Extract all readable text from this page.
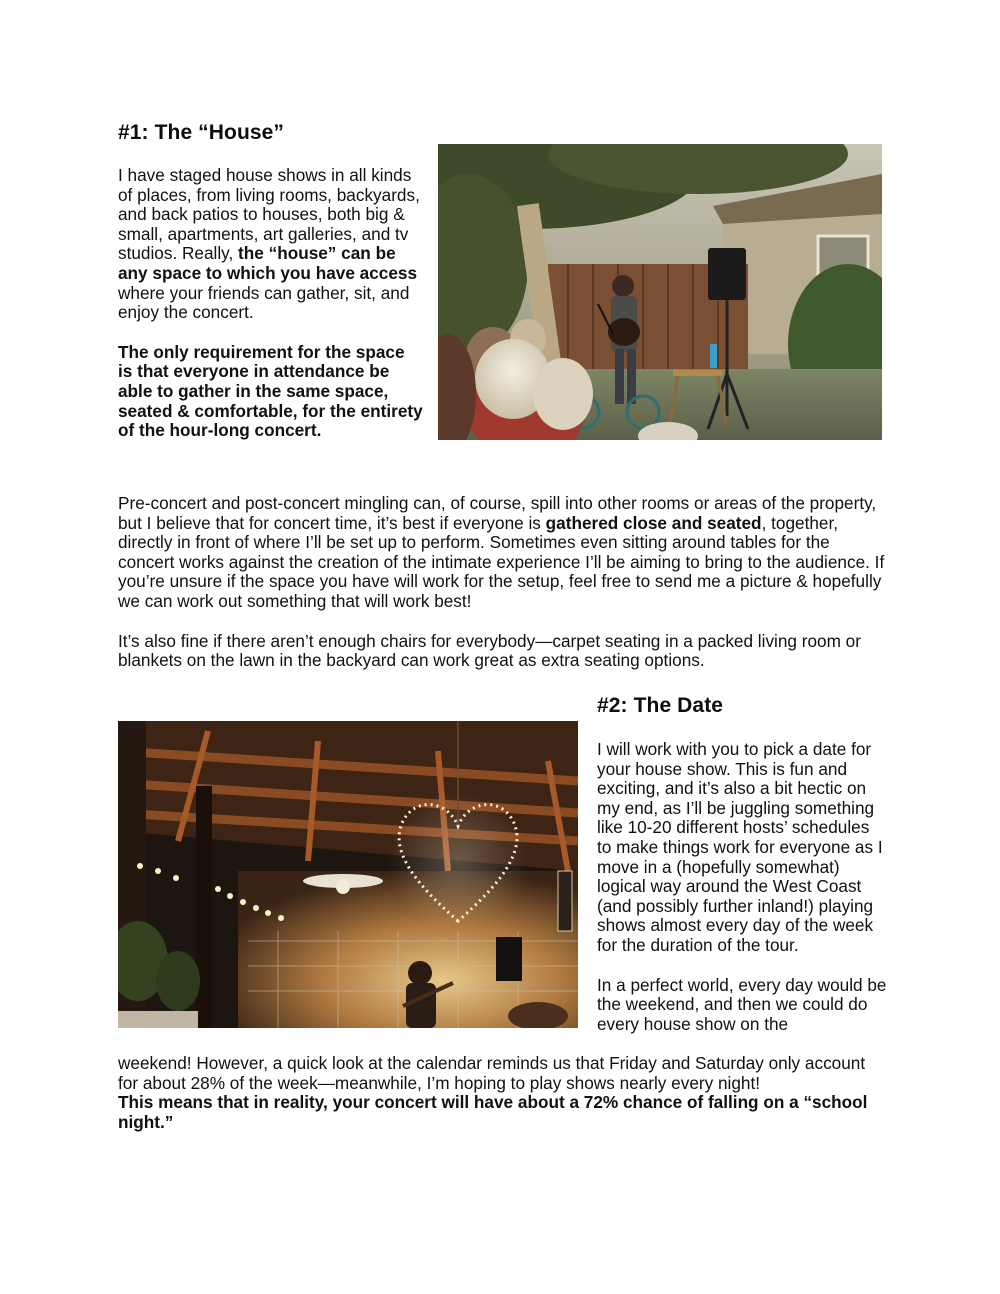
#1: The “House”

I have staged house shows in all kinds of places, from living rooms, backyards, and back patios to houses, both big & small, apartments, art galleries, and tv studios. Really, the “house” can be any space to which you have access where your friends can gather, sit, and enjoy the concert.

The only requirement for the space is that everyone in attendance be able to gather in the same space, seated & comfortable, for the entirety of the hour-long concert.

Pre-concert and post-concert mingling can, of course, spill into other rooms or areas of the property, but I believe that for concert time, it’s best if everyone is gathered close and seated, together, directly in front of where I’ll be set up to perform. Sometimes even sitting around tables for the concert works against the creation of the intimate experience I’ll be aiming to bring to the audience. If you’re unsure if the space you have will work for the setup, feel free to send me a picture & hopefully we can work out something that will work best!

It’s also fine if there aren’t enough chairs for everybody—carpet seating in a packed living room or blankets on the lawn in the backyard can work great as extra seating options.

#2: The Date

I will work with you to pick a date for your house show. This is fun and exciting, and it’s also a bit hectic on my end, as I’ll be juggling something like 10-20 different hosts’ schedules to make things work for everyone as I move in a (hopefully somewhat) logical way around the West Coast (and possibly further inland!) playing shows almost every day of the week for the duration of the tour.

In a perfect world, every day would be the weekend, and then we could do every house show on the

weekend! However, a quick look at the calendar reminds us that Friday and Saturday only account for about 28% of the week—meanwhile, I’m hoping to play shows nearly every night!

This means that in reality, your concert will have about a 72% chance of falling on a “school night.”
